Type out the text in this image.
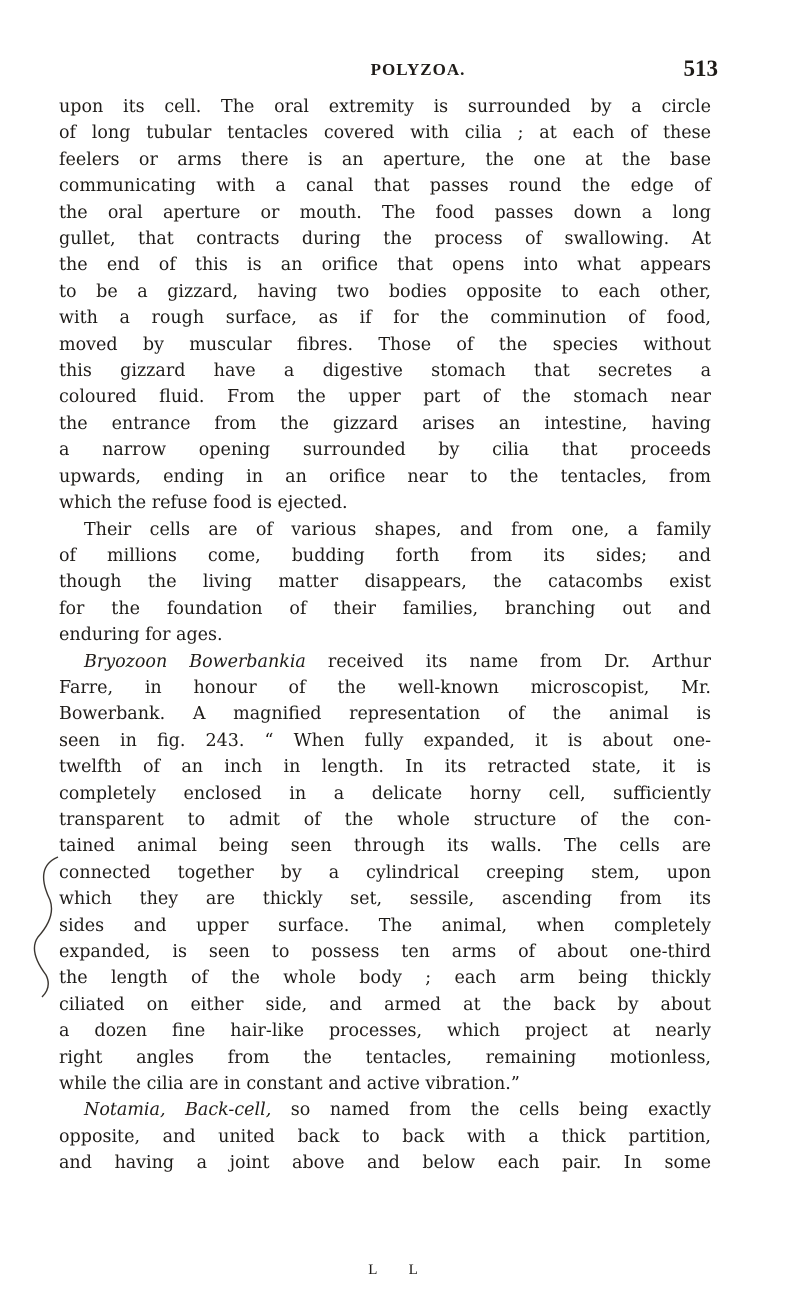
POLYZOA.	513

upon its cell. The oral extremity is surrounded by a circle
of long tubular tentacles covered with cilia ; at each of these
feelers or arms there is an aperture, the one at the base
communicating with a canal that passes round the edge of
the oral aperture or mouth. The food passes down a long
gullet, that contracts during the process of swallowing. At
the end of this is an orifice that opens into what appears
to be a gizzard, having two bodies opposite to each other,
with a rough surface, as if for the comminution of food,
moved by muscular fibres. Those of the species without
this gizzard have a digestive stomach that secretes a
coloured fluid. From the upper part of the stomach near
the entrance from the gizzard arises an intestine, having
a narrow opening surrounded by cilia that proceeds
upwards, ending in an orifice near to the tentacles, from
which the refuse food is ejected.

Their cells are of various shapes, and from one, a family
of millions come, budding forth from its sides; and
though the living matter disappears, the catacombs exist
for the foundation of their families, branching out and
enduring for ages.

Bryozoon Bowerbankia received its name from Dr. Arthur
Farre, in honour of the well-known microscopist, Mr.
Bowerbank. A magnified representation of the animal is
seen in fig. 243. “ When fully expanded, it is about one-
twelfth of an inch in length. In its retracted state, it is
completely enclosed in a delicate horny cell, sufficiently
transparent to admit of the whole structure of the con-
tained animal being seen through its walls. The cells are
connected together by a cylindrical creeping stem, upon
which they are thickly set, sessile, ascending from its
sides and upper surface. The animal, when completely
expanded, is seen to possess ten arms of about one-third
the length of the whole body ; each arm being thickly
ciliated on either side, and armed at the back by about
a dozen fine hair-like processes, which project at nearly
right angles from the tentacles, remaining motionless,
while the cilia are in constant and active vibration.”

Notamia, Back-cell, so named from the cells being exactly
opposite, and united back to back with a thick partition,
and having a joint above and below each pair. In some

L L
